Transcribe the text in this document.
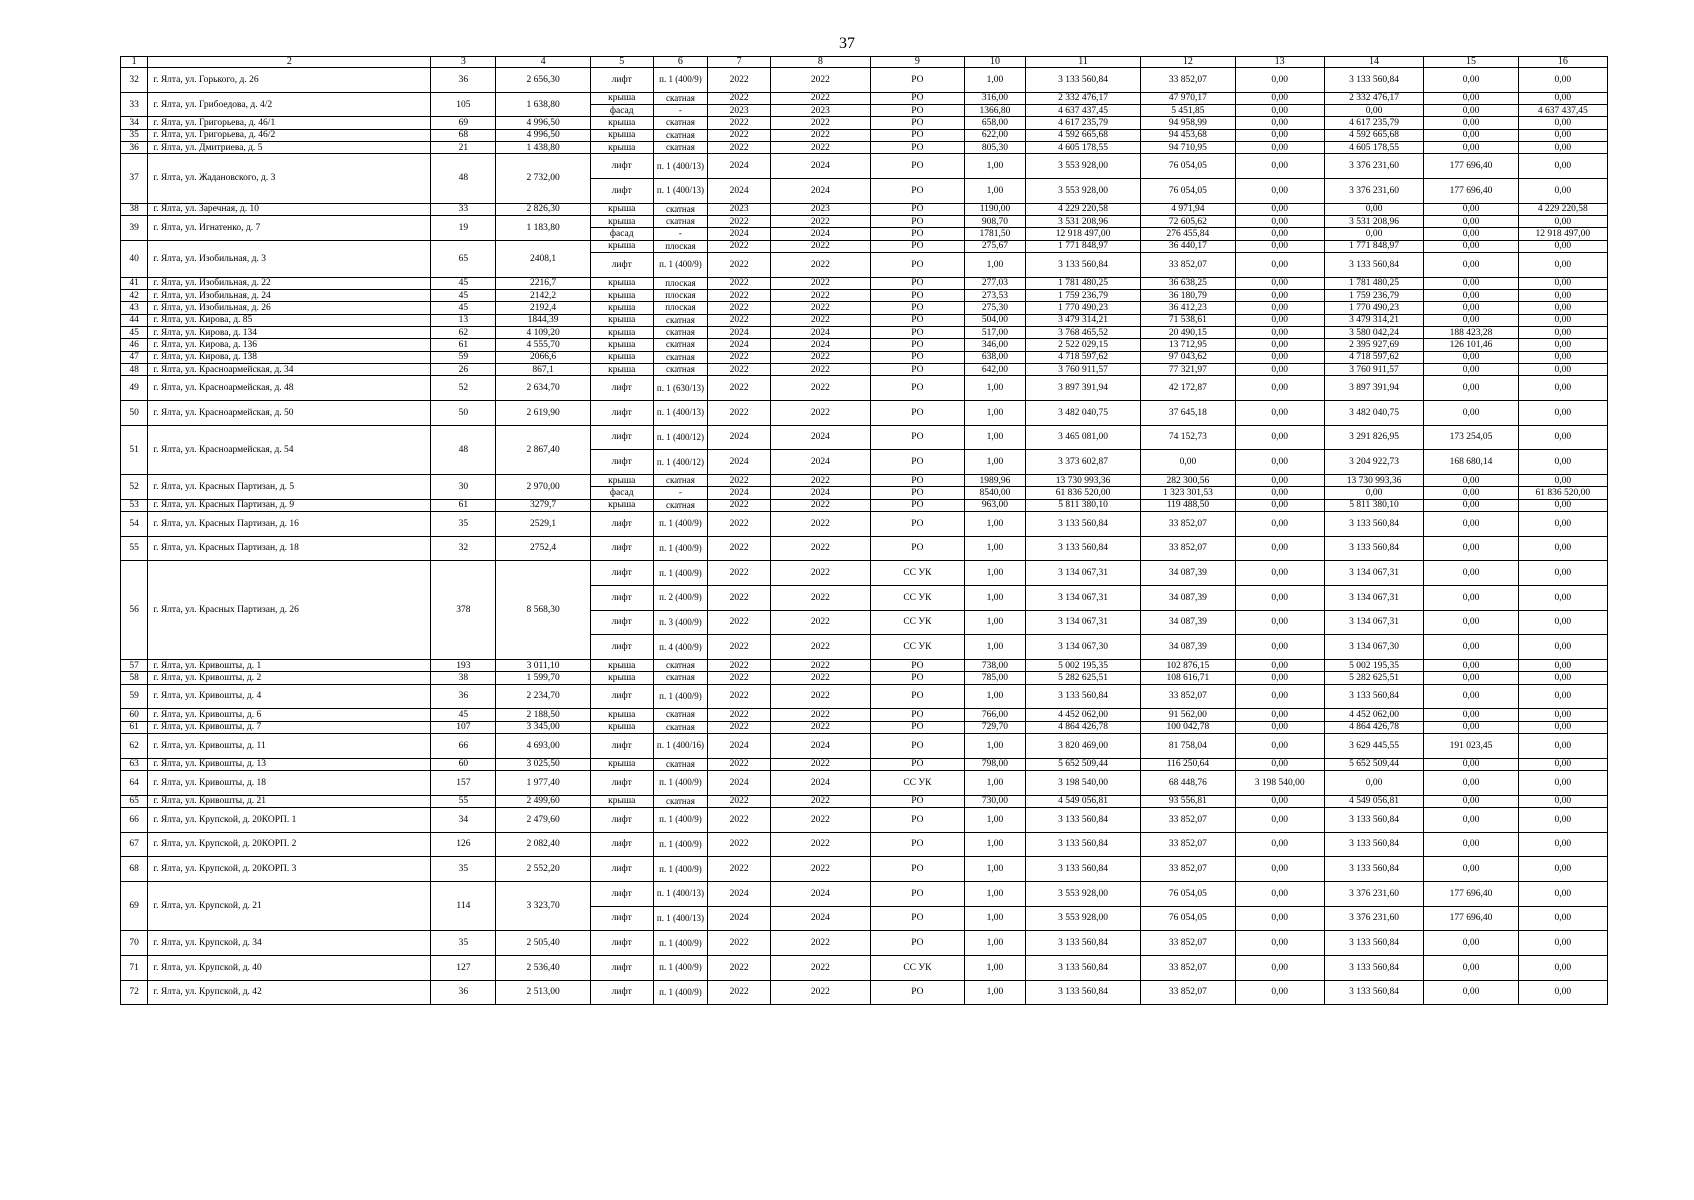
37
1	2	3	4	5	6	7	8	9	10	11	12	13	14	15	16
32	г. Ялта, ул. Горького, д. 26	36	2 656,30	лифт	п. 1 (400/9)	2022	2022	РО	1,00	3 133 560,84	33 852,07	0,00	3 133 560,84	0,00	0,00
33	г. Ялта, ул. Грибоедова, д. 4/2	105	1 638,80	крыша	скатная	2022	2022	РО	316,00	2 332 476,17	47 970,17	0,00	2 332 476,17	0,00	0,00
				фасад	-	2023	2023	РО	1366,80	4 637 437,45	5 451,85	0,00	0,00	0,00	4 637 437,45
34	г. Ялта, ул. Григорьева, д. 46/1	69	4 996,50	крыша	скатная	2022	2022	РО	658,00	4 617 235,79	94 958,99	0,00	4 617 235,79	0,00	0,00
35	г. Ялта, ул. Григорьева, д. 46/2	68	4 996,50	крыша	скатная	2022	2022	РО	622,00	4 592 665,68	94 453,68	0,00	4 592 665,68	0,00	0,00
36	г. Ялта, ул. Дмитриева, д. 5	21	1 438,80	крыша	скатная	2022	2022	РО	805,30	4 605 178,55	94 710,95	0,00	4 605 178,55	0,00	0,00
37	г. Ялта, ул. Жадановского, д. 3	48	2 732,00	лифт	п. 1 (400/13)	2024	2024	РО	1,00	3 553 928,00	76 054,05	0,00	3 376 231,60	177 696,40	0,00
				лифт	п. 1 (400/13)	2024	2024	РО	1,00	3 553 928,00	76 054,05	0,00	3 376 231,60	177 696,40	0,00
38	г. Ялта, ул. Заречная, д. 10	33	2 826,30	крыша	скатная	2023	2023	РО	1190,00	4 229 220,58	4 971,94	0,00	0,00	0,00	4 229 220,58
39	г. Ялта, ул. Игнатенко, д. 7	19	1 183,80	крыша	скатная	2022	2022	РО	908,70	3 531 208,96	72 605,62	0,00	3 531 208,96	0,00	0,00
				фасад	-	2024	2024	РО	1781,50	12 918 497,00	276 455,84	0,00	0,00	0,00	12 918 497,00
40	г. Ялта, ул. Изобильная, д. 3	65	2408,1	крыша	плоская	2022	2022	РО	275,67	1 771 848,97	36 440,17	0,00	1 771 848,97	0,00	0,00
				лифт	п. 1 (400/9)	2022	2022	РО	1,00	3 133 560,84	33 852,07	0,00	3 133 560,84	0,00	0,00
41	г. Ялта, ул. Изобильная, д. 22	45	2216,7	крыша	плоская	2022	2022	РО	277,03	1 781 480,25	36 638,25	0,00	1 781 480,25	0,00	0,00
42	г. Ялта, ул. Изобильная, д. 24	45	2142,2	крыша	плоская	2022	2022	РО	273,53	1 759 236,79	36 180,79	0,00	1 759 236,79	0,00	0,00
43	г. Ялта, ул. Изобильная, д. 26	45	2192,4	крыша	плоская	2022	2022	РО	275,30	1 770 490,23	36 412,23	0,00	1 770 490,23	0,00	0,00
44	г. Ялта, ул. Кирова, д. 85	13	1844,39	крыша	скатная	2022	2022	РО	504,00	3 479 314,21	71 538,61	0,00	3 479 314,21	0,00	0,00
45	г. Ялта, ул. Кирова, д. 134	62	4 109,20	крыша	скатная	2024	2024	РО	517,00	3 768 465,52	20 490,15	0,00	3 580 042,24	188 423,28	0,00
46	г. Ялта, ул. Кирова, д. 136	61	4 555,70	крыша	скатная	2024	2024	РО	346,00	2 522 029,15	13 712,95	0,00	2 395 927,69	126 101,46	0,00
47	г. Ялта, ул. Кирова, д. 138	59	2066,6	крыша	скатная	2022	2022	РО	638,00	4 718 597,62	97 043,62	0,00	4 718 597,62	0,00	0,00
48	г. Ялта, ул. Красноармейская, д. 34	26	867,1	крыша	скатная	2022	2022	РО	642,00	3 760 911,57	77 321,97	0,00	3 760 911,57	0,00	0,00
49	г. Ялта, ул. Красноармейская, д. 48	52	2 634,70	лифт	п. 1 (630/13)	2022	2022	РО	1,00	3 897 391,94	42 172,87	0,00	3 897 391,94	0,00	0,00
50	г. Ялта, ул. Красноармейская, д. 50	50	2 619,90	лифт	п. 1 (400/13)	2022	2022	РО	1,00	3 482 040,75	37 645,18	0,00	3 482 040,75	0,00	0,00
51	г. Ялта, ул. Красноармейская, д. 54	48	2 867,40	лифт	п. 1 (400/12)	2024	2024	РО	1,00	3 465 081,00	74 152,73	0,00	3 291 826,95	173 254,05	0,00
				лифт	п. 1 (400/12)	2024	2024	РО	1,00	3 373 602,87	0,00	0,00	3 204 922,73	168 680,14	0,00
52	г. Ялта, ул. Красных Партизан, д. 5	30	2 970,00	крыша	скатная	2022	2022	РО	1989,96	13 730 993,36	282 300,56	0,00	13 730 993,36	0,00	0,00
				фасад	-	2024	2024	РО	8540,00	61 836 520,00	1 323 301,53	0,00	0,00	0,00	61 836 520,00
53	г. Ялта, ул. Красных Партизан, д. 9	61	3279,7	крыша	скатная	2022	2022	РО	963,00	5 811 380,10	119 488,50	0,00	5 811 380,10	0,00	0,00
54	г. Ялта, ул. Красных Партизан, д. 16	35	2529,1	лифт	п. 1 (400/9)	2022	2022	РО	1,00	3 133 560,84	33 852,07	0,00	3 133 560,84	0,00	0,00
55	г. Ялта, ул. Красных Партизан, д. 18	32	2752,4	лифт	п. 1 (400/9)	2022	2022	РО	1,00	3 133 560,84	33 852,07	0,00	3 133 560,84	0,00	0,00
56	г. Ялта, ул. Красных Партизан, д. 26	378	8 568,30	лифт	п. 1 (400/9)	2022	2022	СС УК	1,00	3 134 067,31	34 087,39	0,00	3 134 067,31	0,00	0,00
				лифт	п. 2 (400/9)	2022	2022	СС УК	1,00	3 134 067,31	34 087,39	0,00	3 134 067,31	0,00	0,00
				лифт	п. 3 (400/9)	2022	2022	СС УК	1,00	3 134 067,31	34 087,39	0,00	3 134 067,31	0,00	0,00
				лифт	п. 4 (400/9)	2022	2022	СС УК	1,00	3 134 067,30	34 087,39	0,00	3 134 067,30	0,00	0,00
57	г. Ялта, ул. Кривошты, д. 1	193	3 011,10	крыша	скатная	2022	2022	РО	738,00	5 002 195,35	102 876,15	0,00	5 002 195,35	0,00	0,00
58	г. Ялта, ул. Кривошты, д. 2	38	1 599,70	крыша	скатная	2022	2022	РО	785,00	5 282 625,51	108 616,71	0,00	5 282 625,51	0,00	0,00
59	г. Ялта, ул. Кривошты, д. 4	36	2 234,70	лифт	п. 1 (400/9)	2022	2022	РО	1,00	3 133 560,84	33 852,07	0,00	3 133 560,84	0,00	0,00
60	г. Ялта, ул. Кривошты, д. 6	45	2 188,50	крыша	скатная	2022	2022	РО	766,00	4 452 062,00	91 562,00	0,00	4 452 062,00	0,00	0,00
61	г. Ялта, ул. Кривошты, д. 7	107	3 345,00	крыша	скатная	2022	2022	РО	729,70	4 864 426,78	100 042,78	0,00	4 864 426,78	0,00	0,00
62	г. Ялта, ул. Кривошты, д. 11	66	4 693,00	лифт	п. 1 (400/16)	2024	2024	РО	1,00	3 820 469,00	81 758,04	0,00	3 629 445,55	191 023,45	0,00
63	г. Ялта, ул. Кривошты, д. 13	60	3 025,50	крыша	скатная	2022	2022	РО	798,00	5 652 509,44	116 250,64	0,00	5 652 509,44	0,00	0,00
64	г. Ялта, ул. Кривошты, д. 18	157	1 977,40	лифт	п. 1 (400/9)	2024	2024	СС УК	1,00	3 198 540,00	68 448,76	3 198 540,00	0,00	0,00	0,00
65	г. Ялта, ул. Кривошты, д. 21	55	2 499,60	крыша	скатная	2022	2022	РО	730,00	4 549 056,81	93 556,81	0,00	4 549 056,81	0,00	0,00
66	г. Ялта, ул. Крупской, д. 20КОРП. 1	34	2 479,60	лифт	п. 1 (400/9)	2022	2022	РО	1,00	3 133 560,84	33 852,07	0,00	3 133 560,84	0,00	0,00
67	г. Ялта, ул. Крупской, д. 20КОРП. 2	126	2 082,40	лифт	п. 1 (400/9)	2022	2022	РО	1,00	3 133 560,84	33 852,07	0,00	3 133 560,84	0,00	0,00
68	г. Ялта, ул. Крупской, д. 20КОРП. 3	35	2 552,20	лифт	п. 1 (400/9)	2022	2022	РО	1,00	3 133 560,84	33 852,07	0,00	3 133 560,84	0,00	0,00
69	г. Ялта, ул. Крупской, д. 21	114	3 323,70	лифт	п. 1 (400/13)	2024	2024	РО	1,00	3 553 928,00	76 054,05	0,00	3 376 231,60	177 696,40	0,00
				лифт	п. 1 (400/13)	2024	2024	РО	1,00	3 553 928,00	76 054,05	0,00	3 376 231,60	177 696,40	0,00
70	г. Ялта, ул. Крупской, д. 34	35	2 505,40	лифт	п. 1 (400/9)	2022	2022	РО	1,00	3 133 560,84	33 852,07	0,00	3 133 560,84	0,00	0,00
71	г. Ялта, ул. Крупской, д. 40	127	2 536,40	лифт	п. 1 (400/9)	2022	2022	СС УК	1,00	3 133 560,84	33 852,07	0,00	3 133 560,84	0,00	0,00
72	г. Ялта, ул. Крупской, д. 42	36	2 513,00	лифт	п. 1 (400/9)	2022	2022	РО	1,00	3 133 560,84	33 852,07	0,00	3 133 560,84	0,00	0,00
